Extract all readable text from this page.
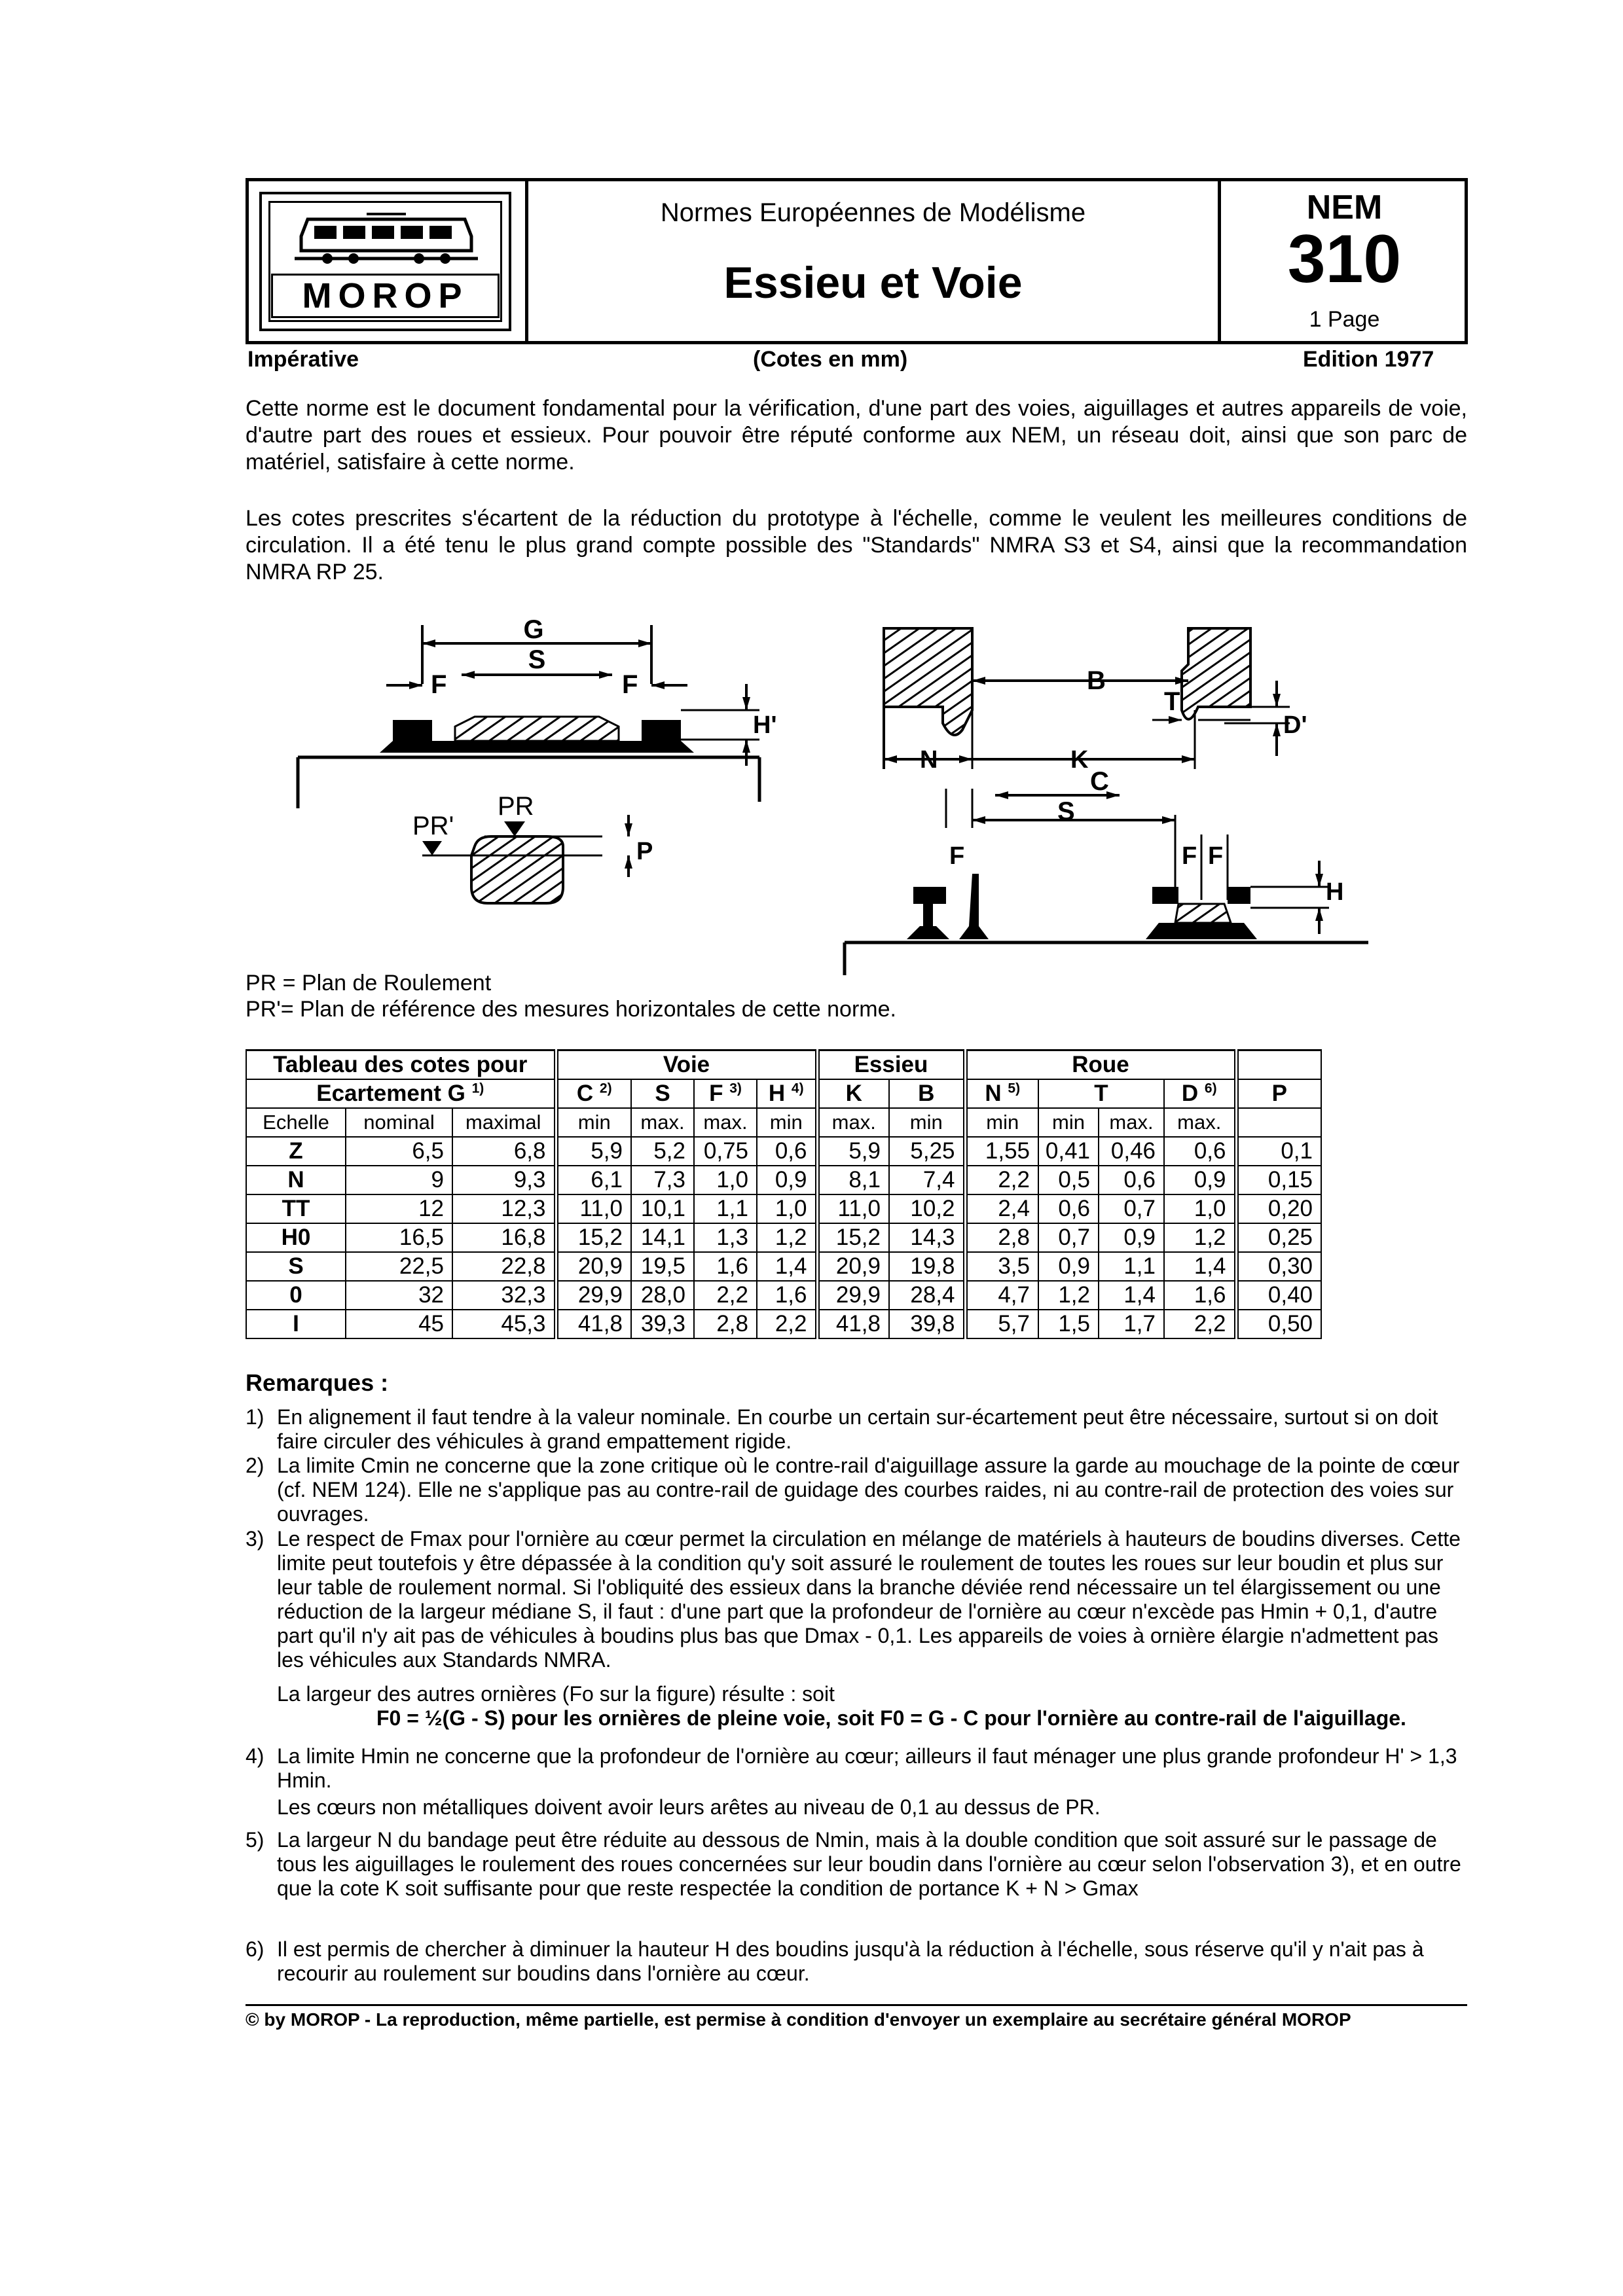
MOROP
Normes Européennes de Modélisme
Essieu et Voie
NEM
310
1 Page
Impérative	(Cotes en mm)	Edition 1977
Cette norme est le document fondamental pour la vérification, d'une part des voies, aiguillages et autres appareils de voie, d'autre part des roues et essieux. Pour pouvoir être réputé conforme aux NEM, un réseau doit, ainsi que son parc de matériel, satisfaire à cette norme.
Les cotes prescrites s'écartent de la réduction du prototype à l'échelle, comme le veulent les meilleures conditions de circulation. Il a été tenu le plus grand compte possible des "Standards" NMRA S3 et S4, ainsi que la recommandation NMRA RP 25.
G
S
F	F
H'
PR'
PR
P
B
T
D'
N	K
C
S
F	F F
H
PR = Plan de Roulement
PR'= Plan de référence des mesures horizontales de cette norme.
Tableau des cotes pour			Voie				Essieu		Roue				
Ecartement G $^{1)}$			C $^{2)}$	S	F $^{3)}$	H $^{4)}$	K	B	N $^{5)}$	T		D $^{6)}$	P
Echelle	nominal	maximal	min	max.	max.	min	max.	min	min	min	max.	max.	
Z	6,5	6,8	5,9	5,2	0,75	0,6	5,9	5,25	1,55	0,41	0,46	0,6	0,1
N	9	9,3	6,1	7,3	1,0	0,9	8,1	7,4	2,2	0,5	0,6	0,9	0,15
TT	12	12,3	11,0	10,1	1,1	1,0	11,0	10,2	2,4	0,6	0,7	1,0	0,20
H0	16,5	16,8	15,2	14,1	1,3	1,2	15,2	14,3	2,8	0,7	0,9	1,2	0,25
S	22,5	22,8	20,9	19,5	1,6	1,4	20,9	19,8	3,5	0,9	1,1	1,4	0,30
0	32	32,3	29,9	28,0	2,2	1,6	29,9	28,4	4,7	1,2	1,4	1,6	0,40
I	45	45,3	41,8	39,3	2,8	2,2	41,8	39,8	5,7	1,5	1,7	2,2	0,50
Remarques :
1) En alignement il faut tendre à la valeur nominale. En courbe un certain sur-écartement peut être nécessaire, surtout si on doit faire circuler des véhicules à grand empattement rigide.
2) La limite Cmin ne concerne que la zone critique où le contre-rail d'aiguillage assure la garde au mouchage de la pointe de cœur (cf. NEM 124). Elle ne s'applique pas au contre-rail de guidage des courbes raides, ni au contre-rail de protection des voies sur ouvrages.
3) Le respect de Fmax pour l'ornière au cœur permet la circulation en mélange de matériels à hauteurs de boudins diverses. Cette limite peut toutefois y être dépassée à la condition qu'y soit assuré le roulement de toutes les roues sur leur boudin et plus sur leur table de roulement normal. Si l'obliquité des essieux dans la branche déviée rend nécessaire un tel élargissement ou une réduction de la largeur médiane S, il faut : d'une part que la profondeur de l'ornière au cœur n'excède pas Hmin + 0,1, d'autre part qu'il n'y ait pas de véhicules à boudins plus bas que Dmax - 0,1. Les appareils de voies à ornière élargie n'admettent pas les véhicules aux Standards NMRA.
La largeur des autres ornières (Fo sur la figure) résulte : soit
F0 = ½(G - S) pour les ornières de pleine voie, soit F0 = G - C pour l'ornière au contre-rail de l'aiguillage.
4) La limite Hmin ne concerne que la profondeur de l'ornière au cœur; ailleurs il faut ménager une plus grande profondeur H' > 1,3 Hmin.
Les cœurs non métalliques doivent avoir leurs arêtes au niveau de 0,1 au dessus de PR.
5) La largeur N du bandage peut être réduite au dessous de Nmin, mais à la double condition que soit assuré sur le passage de tous les aiguillages le roulement des roues concernées sur leur boudin dans l'ornière au cœur selon l'observation 3), et en outre que la cote K soit suffisante pour que reste respectée la condition de portance K + N > Gmax
6) Il est permis de chercher à diminuer la hauteur H des boudins jusqu'à la réduction à l'échelle, sous réserve qu'il y n'ait pas à recourir au roulement sur boudins dans l'ornière au cœur.
© by MOROP - La reproduction, même partielle, est permise à condition d'envoyer un exemplaire au secrétaire général MOROP
